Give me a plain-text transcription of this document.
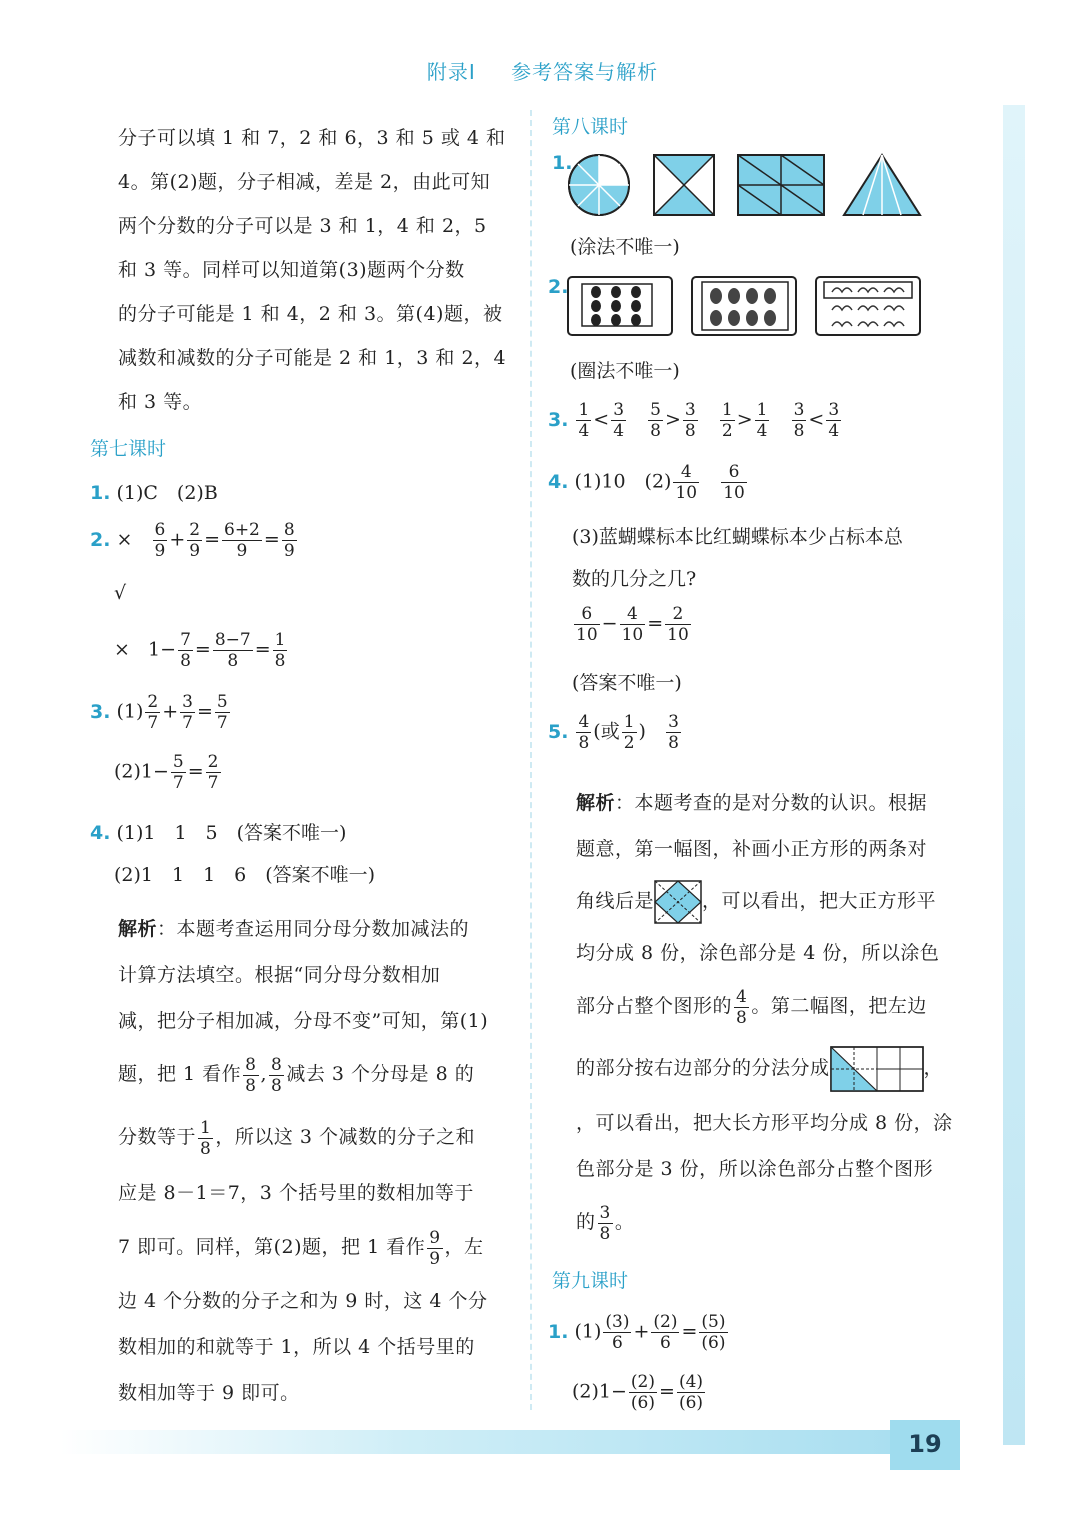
19
附录Ⅰ 参考答案与解析
分子可以填 1 和 7，2 和 6，3 和 5 或 4 和
4。第(2)题，分子相减，差是 2，由此可知
两个分数的分子可以是 3 和 1，4 和 2，5
和 3 等。同样可以知道第(3)题两个分数
的分子可能是 1 和 4，2 和 3。第(4)题，被
减数和减数的分子可能是 2 和 1，3 和 2，4
和 3 等。
第七课时
1. (1)C　(2)B
2. × $\frac{6}{9} + \frac{2}{9} = \frac{6+2}{9} = \frac{8}{9}$
√
×   $1- \frac{7}{8} = \frac{8-7}{8} = \frac{1}{8}$
3. $(1) \frac{2}{7} + \frac{3}{7} = \frac{5}{7}$
$(2)1- \frac{5}{7} = \frac{2}{7}$
4. (1)1　1　5　(答案不唯一)
(2)1　1　1　6　(答案不唯一)
解析：本题考查运用同分母分数加减法的
计算方法填空。根据“同分母分数相加
减，把分子相加减，分母不变”可知，第(1)
题，把 1 看作 $\frac{8}{8}$ , $\frac{8}{8}$ 减去 3 个分母是 8 的
分数等于 $\frac{1}{8}$ ，所以这 3 个减数的分子之和
应是 8－1＝7，3 个括号里的数相加等于
7 即可。同样，第(2)题，把 1 看作 $\frac{9}{9}$ ，左
边 4 个分数的分子之和为 9 时，这 4 个分
数相加的和就等于 1，所以 4 个括号里的
数相加等于 9 即可。
第八课时
1.
(涂法不唯一)
2.
(圈法不唯一)
3. $\frac{1}{4} < \frac{3}{4}$
$\frac{5}{8} > \frac{3}{8}$
$\frac{1}{2} > \frac{1}{4}$
$\frac{3}{8} < \frac{3}{4}$
4. (1)10　$(2) \frac{4}{10}$
$\frac{6}{10}$
(3)蓝蝴蝶标本比红蝴蝶标本少占标本总
数的几分之几?
$\frac{6}{10} - \frac{4}{10} = \frac{2}{10}$
(答案不唯一)
5. $\frac{4}{8}$ (或 $\frac{1}{2}$ ) $\frac{3}{8}$
解析：本题考查的是对分数的认识。根据
题意，第一幅图，补画小正方形的两条对
角线后是	，可以看出，把大正方形平
均分成 8 份，涂色部分是 4 份，所以涂色
部分占整个图形的 $\frac{4}{8}$ 。第二幅图，把左边
的部分按右边部分的分法分成	，
，可以看出，把大长方形平均分成 8 份，涂
色部分是 3 份，所以涂色部分占整个图形
的 $\frac{3}{8}$ 。
第九课时
1. $(1) \frac{(3)}{6} + \frac{(2)}{6} = \frac{(5)}{(6)}$
$(2)1- \frac{(2)}{(6)} = \frac{(4)}{(6)}$
